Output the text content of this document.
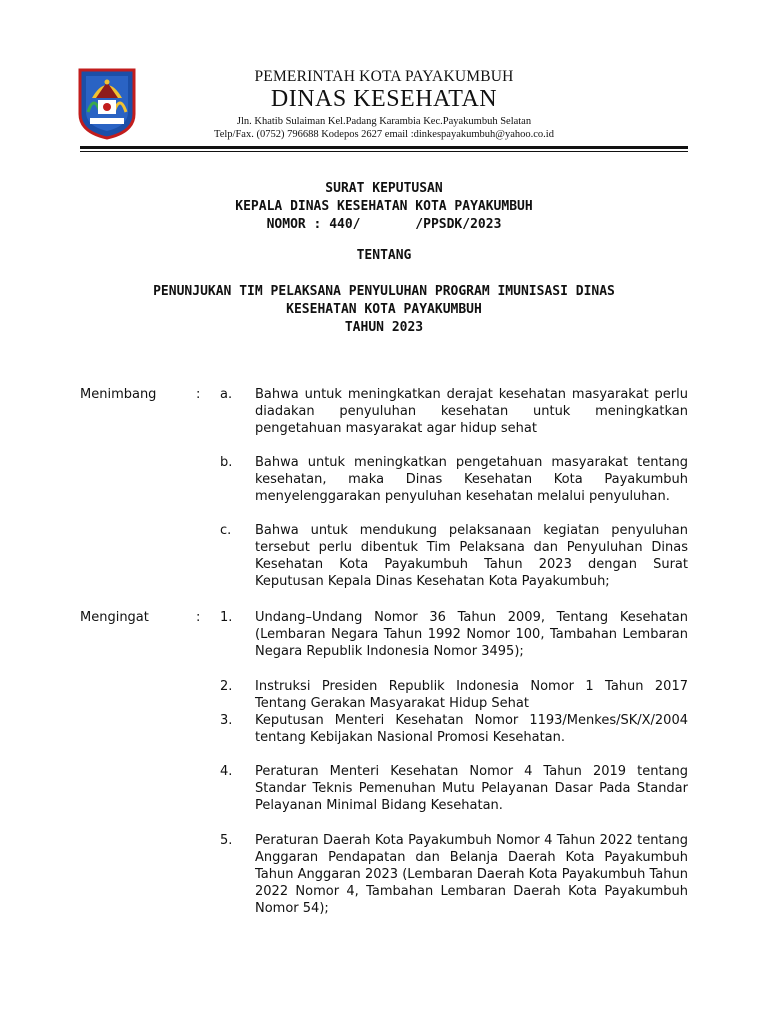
PEMERINTAH KOTA PAYAKUMBUH
DINAS KESEHATAN
Jln. Khatib Sulaiman Kel.Padang Karambia Kec.Payakumbuh Selatan
Telp/Fax. (0752) 796688 Kodepos 2627 email :dinkespayakumbuh@yahoo.co.id
SURAT KEPUTUSAN
KEPALA DINAS KESEHATAN KOTA PAYAKUMBUH
NOMOR : 440/       /PPSDK/2023
TENTANG
PENUNJUKAN TIM PELAKSANA PENYULUHAN PROGRAM IMUNISASI DINAS
KESEHATAN KOTA PAYAKUMBUH
TAHUN 2023
Menimbang	: a.	Bahwa untuk meningkatkan derajat kesehatan masyarakat perlu diadakan penyuluhan kesehatan untuk meningkatkan pengetahuan masyarakat agar hidup sehat
b.	Bahwa untuk meningkatkan pengetahuan masyarakat tentang kesehatan, maka Dinas Kesehatan Kota Payakumbuh menyelenggarakan penyuluhan kesehatan melalui penyuluhan.
c.	Bahwa untuk mendukung pelaksanaan kegiatan penyuluhan tersebut perlu dibentuk Tim Pelaksana dan Penyuluhan Dinas Kesehatan Kota Payakumbuh Tahun 2023 dengan Surat Keputusan Kepala Dinas Kesehatan Kota Payakumbuh;
Mengingat	: 1.	Undang–Undang Nomor 36 Tahun 2009, Tentang Kesehatan (Lembaran Negara Tahun 1992 Nomor 100, Tambahan Lembaran Negara Republik Indonesia Nomor 3495);
2.	Instruksi Presiden Republik Indonesia Nomor 1 Tahun 2017 Tentang Gerakan Masyarakat Hidup Sehat
3.	Keputusan Menteri Kesehatan Nomor 1193/Menkes/SK/X/2004 tentang Kebijakan Nasional Promosi Kesehatan.
4.	Peraturan Menteri Kesehatan Nomor 4 Tahun 2019 tentang Standar Teknis Pemenuhan Mutu Pelayanan Dasar Pada Standar Pelayanan Minimal Bidang Kesehatan.
5.	Peraturan Daerah Kota Payakumbuh Nomor 4 Tahun 2022 tentang Anggaran Pendapatan dan Belanja Daerah Kota Payakumbuh Tahun Anggaran 2023 (Lembaran Daerah Kota Payakumbuh Tahun 2022 Nomor 4, Tambahan Lembaran Daerah Kota Payakumbuh Nomor 54);
